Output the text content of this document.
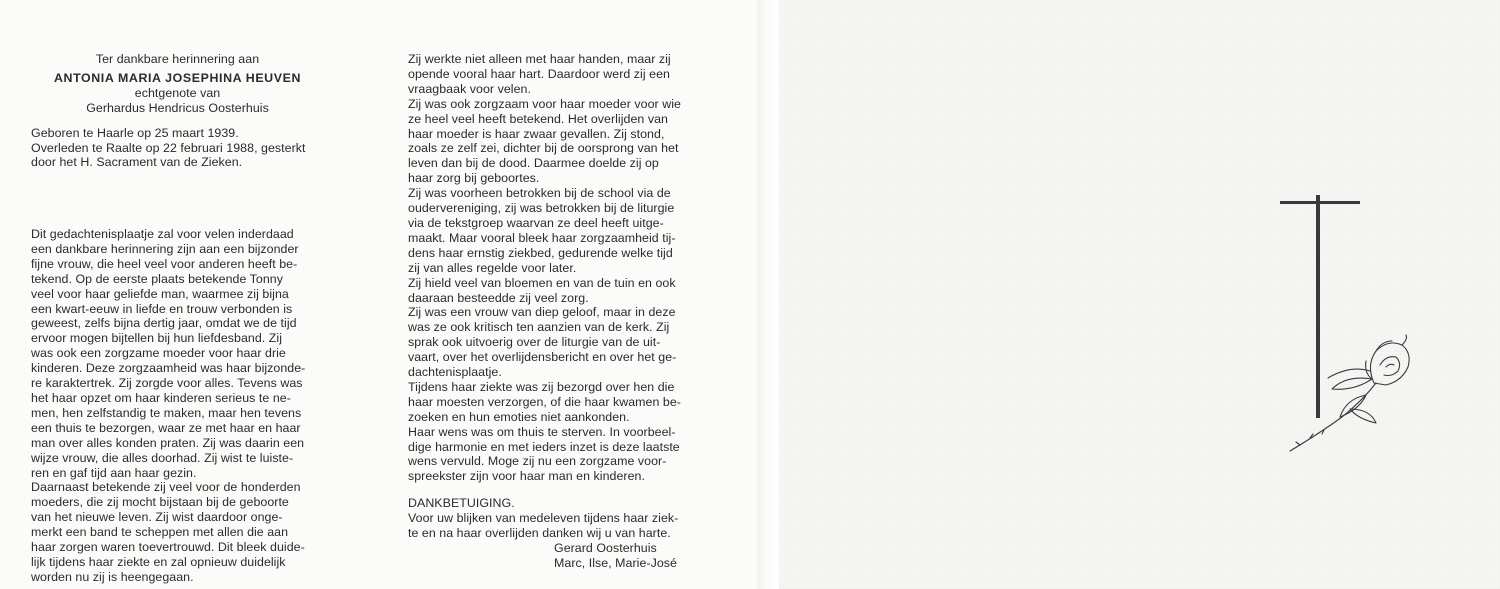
Ter dankbare herinnering aan
ANTONIA MARIA JOSEPHINA HEUVEN
echtgenote van
Gerhardus Hendricus Oosterhuis
Geboren te Haarle op 25 maart 1939.
Overleden te Raalte op 22 februari 1988, gesterkt
door het H. Sacrament van de Zieken.

Dit gedachtenisplaatje zal voor velen inderdaad

een dankbare herinnering zijn aan een bijzonder

fijne vrouw, die heel veel voor anderen heeft be-

tekend. Op de eerste plaats betekende Tonny

veel voor haar geliefde man, waarmee zij bijna

een kwart-eeuw in liefde en trouw verbonden is

geweest, zelfs bijna dertig jaar, omdat we de tijd

ervoor mogen bijtellen bij hun liefdesband. Zij

was ook een zorgzame moeder voor haar drie

kinderen. Deze zorgzaamheid was haar bijzonde-

re karaktertrek. Zij zorgde voor alles. Tevens was

het haar opzet om haar kinderen serieus te ne-

men, hen zelfstandig te maken, maar hen tevens

een thuis te bezorgen, waar ze met haar en haar

man over alles konden praten. Zij was daarin een

wijze vrouw, die alles doorhad. Zij wist te luiste-

ren en gaf tijd aan haar gezin.

Daarnaast betekende zij veel voor de honderden

moeders, die zij mocht bijstaan bij de geboorte

van het nieuwe leven. Zij wist daardoor onge-

merkt een band te scheppen met allen die aan

haar zorgen waren toevertrouwd. Dit bleek duide-

lijk tijdens haar ziekte en zal opnieuw duidelijk

worden nu zij is heengegaan.

Zij werkte niet alleen met haar handen, maar zij

opende vooral haar hart. Daardoor werd zij een

vraagbaak voor velen.

Zij was ook zorgzaam voor haar moeder voor wie

ze heel veel heeft betekend. Het overlijden van

haar moeder is haar zwaar gevallen. Zij stond,

zoals ze zelf zei, dichter bij de oorsprong van het

leven dan bij de dood. Daarmee doelde zij op

haar zorg bij geboortes.

Zij was voorheen betrokken bij de school via de

oudervereniging, zij was betrokken bij de liturgie

via de tekstgroep waarvan ze deel heeft uitge-

maakt. Maar vooral bleek haar zorgzaamheid tij-

dens haar ernstig ziekbed, gedurende welke tijd

zij van alles regelde voor later.

Zij hield veel van bloemen en van de tuin en ook

daaraan besteedde zij veel zorg.

Zij was een vrouw van diep geloof, maar in deze

was ze ook kritisch ten aanzien van de kerk. Zij

sprak ook uitvoerig over de liturgie van de uit-

vaart, over het overlijdensbericht en over het ge-

dachtenisplaatje.

Tijdens haar ziekte was zij bezorgd over hen die

haar moesten verzorgen, of die haar kwamen be-

zoeken en hun emoties niet aankonden.

Haar wens was om thuis te sterven. In voorbeel-

dige harmonie en met ieders inzet is deze laatste

wens vervuld. Moge zij nu een zorgzame voor-

spreekster zijn voor haar man en kinderen.

DANKBETUIGING.

Voor uw blijken van medeleven tijdens haar ziek-

te en na haar overlijden danken wij u van harte.

Gerard Oosterhuis

Marc, Ilse, Marie-José
